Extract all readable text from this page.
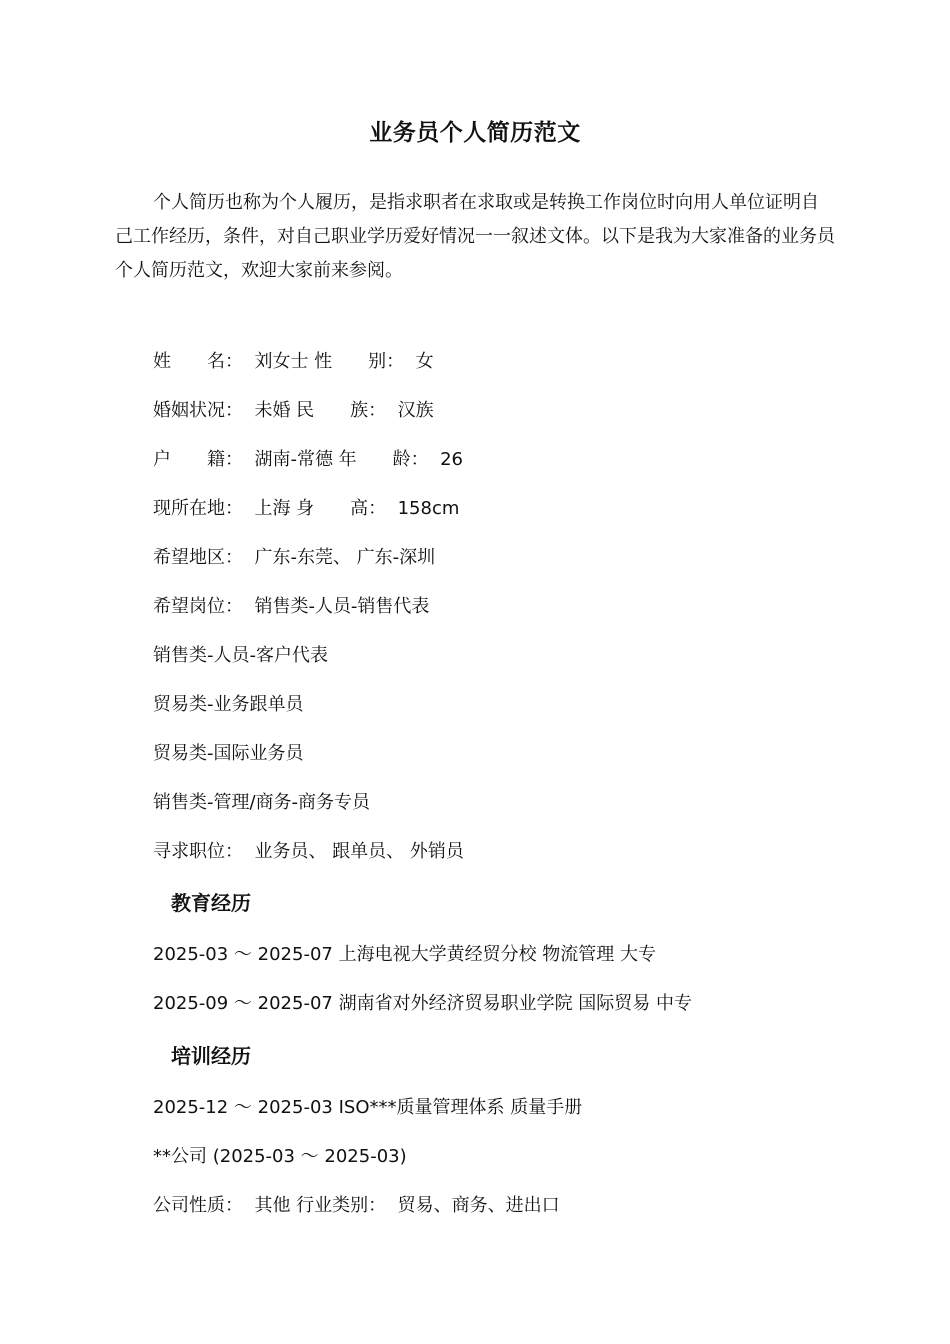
业务员个人简历范文

个人简历也称为个人履历，是指求职者在求取或是转换工作岗位时向用人单位证明自己工作经历，条件，对自己职业学历爱好情况一一叙述文体。以下是我为大家准备的业务员个人简历范文，欢迎大家前来参阅。

姓　　名：  刘女士 性　　别：  女
婚姻状况：  未婚 民　　族：  汉族
户　　籍：  湖南-常德 年　　龄：  26
现所在地：  上海 身　　高：  158cm
希望地区：  广东-东莞、 广东-深圳
希望岗位：  销售类-人员-销售代表
销售类-人员-客户代表
贸易类-业务跟单员
贸易类-国际业务员
销售类-管理/商务-商务专员
寻求职位：  业务员、 跟单员、 外销员
教育经历
2025-03 ～ 2025-07 上海电视大学黄经贸分校 物流管理 大专
2025-09 ～ 2025-07 湖南省对外经济贸易职业学院 国际贸易 中专
培训经历
2025-12 ～ 2025-03 ISO***质量管理体系 质量手册
**公司 (2025-03 ～ 2025-03)
公司性质：  其他 行业类别：  贸易、商务、进出口
